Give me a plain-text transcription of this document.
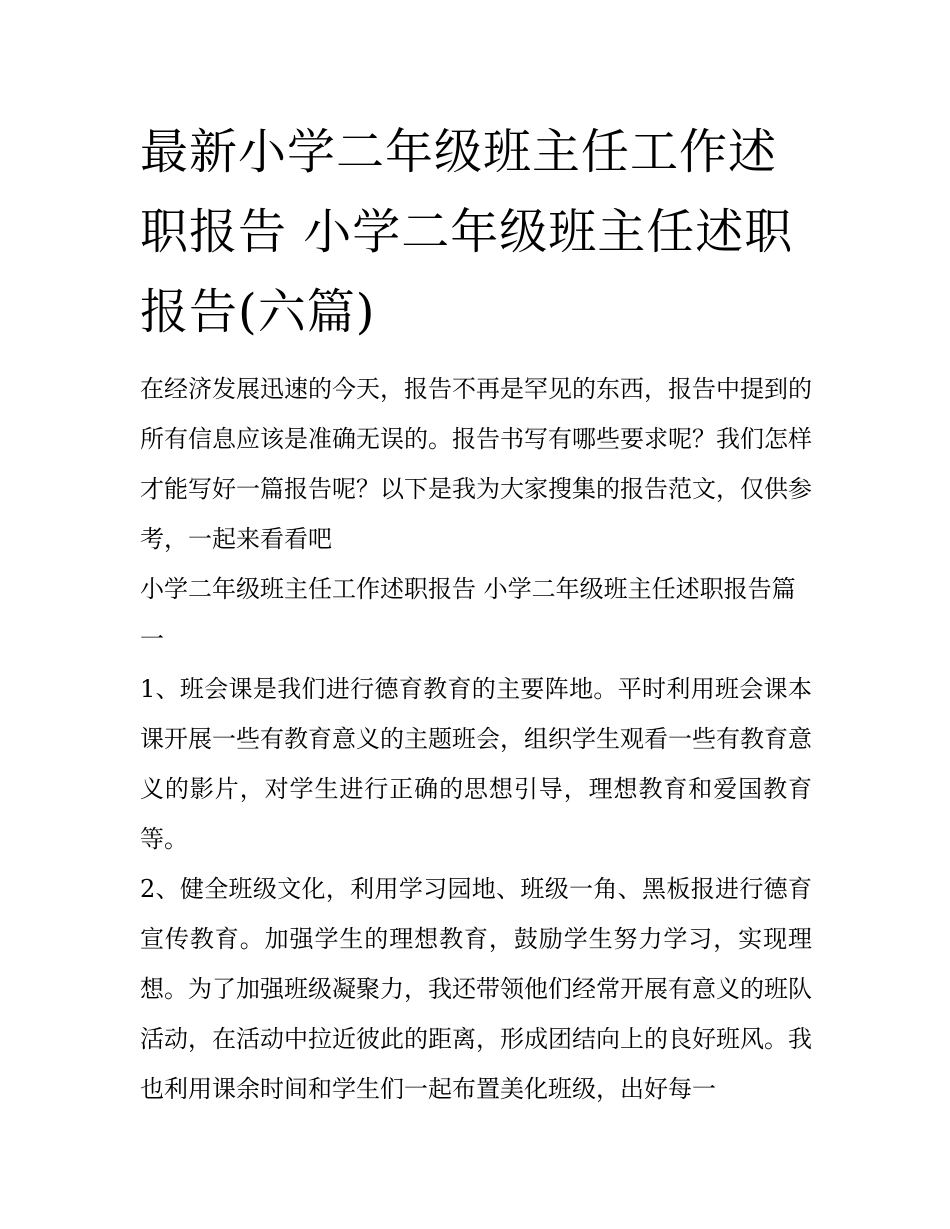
最新小学二年级班主任工作述职报告 小学二年级班主任述职报告(六篇)

在经济发展迅速的今天，报告不再是罕见的东西，报告中提到的所有信息应该是准确无误的。报告书写有哪些要求呢？我们怎样才能写好一篇报告呢？以下是我为大家搜集的报告范文，仅供参考，一起来看看吧

小学二年级班主任工作述职报告 小学二年级班主任述职报告篇一

1、班会课是我们进行德育教育的主要阵地。平时利用班会课本课开展一些有教育意义的主题班会，组织学生观看一些有教育意义的影片，对学生进行正确的思想引导，理想教育和爱国教育等。

2、健全班级文化，利用学习园地、班级一角、黑板报进行德育宣传教育。加强学生的理想教育，鼓励学生努力学习，实现理想。为了加强班级凝聚力，我还带领他们经常开展有意义的班队活动，在活动中拉近彼此的距离，形成团结向上的良好班风。我也利用课余时间和学生们一起布置美化班级，出好每一
